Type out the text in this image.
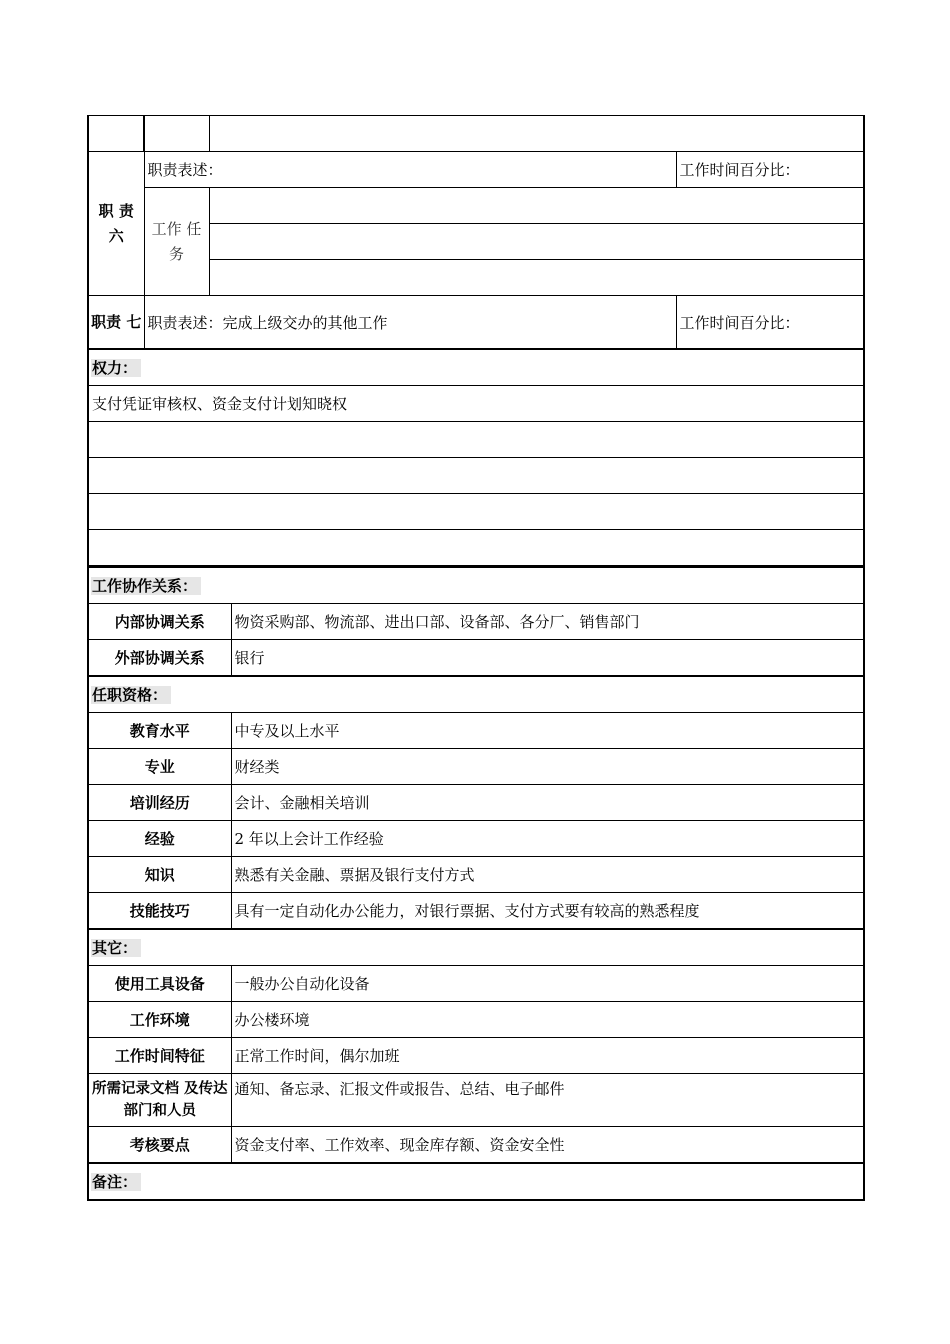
职 责 六	职责表述：		工作时间百分比：
	工作 任务		

职责 七	职责表述：完成上级交办的其他工作		工作时间百分比：
权力：
支付凭证审核权、资金支付计划知晓权

工作协作关系：	
内部协调关系	物资采购部、物流部、进出口部、设备部、各分厂、销售部门
外部协调关系	银行
任职资格：	
教育水平	中专及以上水平
专业	财经类
培训经历	会计、金融相关培训
经验	2 年以上会计工作经验
知识	熟悉有关金融、票据及银行支付方式
技能技巧	具有一定自动化办公能力，对银行票据、支付方式要有较高的熟悉程度
其它：	
使用工具设备	一般办公自动化设备
工作环境	办公楼环境
工作时间特征	正常工作时间，偶尔加班
所需记录文档 及传达部门和人员	通知、备忘录、汇报文件或报告、总结、电子邮件
考核要点	资金支付率、工作效率、现金库存额、资金安全性
备注：
